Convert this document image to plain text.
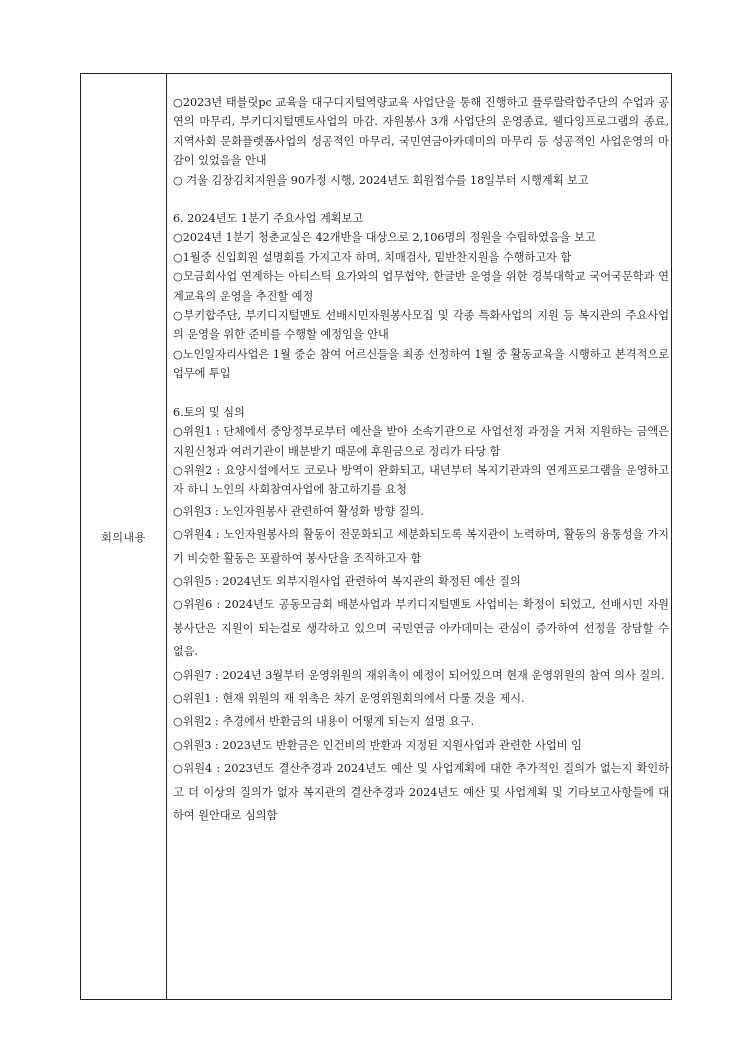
회의내용

○2023년 태블릿pc 교육을 대구디지털역량교육 사업단을 통해 진행하고 플루랄락합주단의 수업과 공연의 마무리, 부키디지털멘토사업의 마감. 자원봉사 3개 사업단의 운영종료, 웰다잉프로그램의 종료, 지역사회 문화플렛폼사업의 성공적인 마무리, 국민연금아카데미의 마무리 등 성공적인 사업운영의 마감이 있었음을 안내

○ 겨울 김장김치지원을 90가정 시행, 2024년도 회원접수를 18일부터 시행계획 보고

6. 2024년도 1분기 주요사업 계획보고

○2024년 1분기 청춘교실은 42개반을 대상으로 2,106명의 정원을 수립하였음을 보고

○1월중 신입회원 설명회를 가지고자 하며, 치매검사, 밑반찬지원을 수행하고자 함

○모금회사업 연계하는 아티스틱 요가와의 업무협약, 한글반 운영을 위한 경북대학교 국어국문학과 연계교육의 운영을 추진할 예정

○부키합주단, 부키디지털멘토 선배시민자원봉사모집 및 각종 특화사업의 지원 등 복지관의 주요사업의 운영을 위한 준비를 수행할 예정임을 안내

○노인일자리사업은 1월 중순 참여 어르신들을 최종 선정하여 1월 중 활동교육을 시행하고 본격적으로 업무에 투입

6.토의 및 심의

○위원1 : 단체에서 중앙정부로부터 예산을 받아 소속기관으로 사업선정 과정을 거쳐 지원하는 금액은 지원신청과 여러기관이 배분받기 때문에 후원금으로 정리가 타당 함

○위원2 : 요양시설에서도 코로나 방역이 완화되고, 내년부터 복지기관과의 연계프로그램을 운영하고자 하니 노인의 사회참여사업에 참고하기를 요청

○위원3 : 노인자원봉사 관련하여 활성화 방향 질의.

○위원4 : 노인자원봉사의 활동이 전문화되고 세분화되도록 복지관이 노력하며, 활동의 융통성을 가지기 비슷한 활동은 포괄하여 봉사단을 조직하고자 함

○위원5 : 2024년도 외부지원사업 관련하여 복지관의 확정된 예산 질의

○위원6 : 2024년도 공동모금회 배분사업과 부키디지털멘토 사업비는 확정이 되었고, 선배시민 자원봉사단은 지원이 되는걸로 생각하고 있으며 국민연금 아카데미는 관심이 증가하여 선정을 장담할 수 없음.

○위원7 : 2024년 3월부터 운영위원의 재위촉이 예정이 되어있으며 현재 운영위원의 참여 의사 질의.

○위원1 : 현재 위원의 재 위촉은 차기 운영위원회의에서 다룰 것을 제시.

○위원2 : 추경에서 반환금의 내용이 어떻게 되는지 설명 요구.

○위원3 : 2023년도 반환금은 인건비의 반환과 지정된 지원사업과 관련한 사업비 임

○위원4 : 2023년도 결산추경과 2024년도 예산 및 사업계획에 대한 추가적인 질의가 없는지 확인하고 더 이상의 질의가 없자 복지관의 결산추경과 2024년도 예산 및 사업계획 및 기타보고사항들에 대하여 원안대로 심의함
